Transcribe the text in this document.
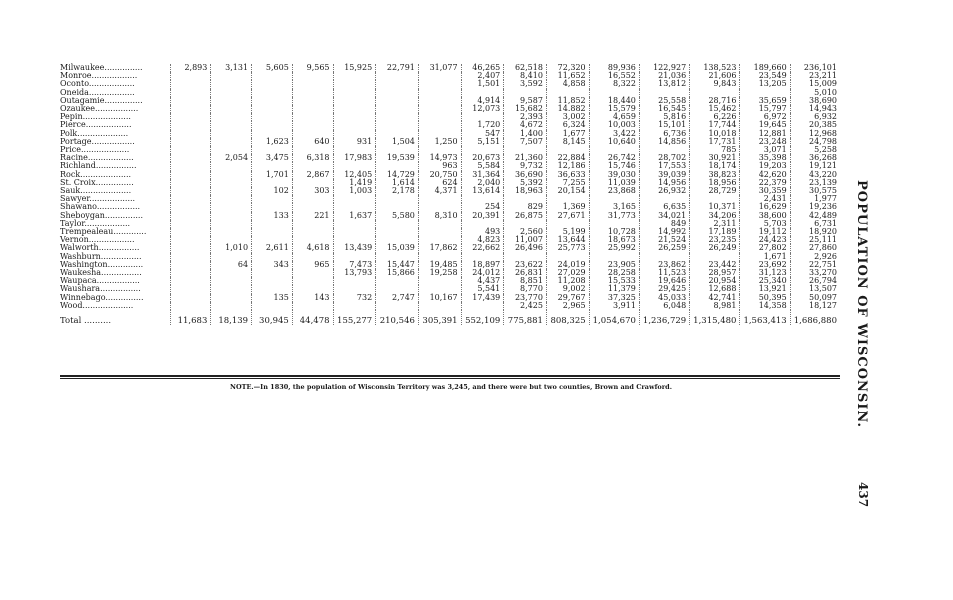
Milwaukee...............	2,893	3,131	5,605	9,565	15,925	22,791	31,077	46,265	62,518	72,320	89,936	122,927	138,523	189,660	236,101
Monroe..................								2,407	8,410	11,652	16,552	21,036	21,606	23,549	23,211
Oconto..................								1,501	3,592	4,858	8,322	13,812	9,843	13,205	15,009
Oneida..................															5,010
Outagamie...............								4,914	9,587	11,852	18,440	25,558	28,716	35,659	38,690
Ozaukee.................								12,073	15,682	14.882	15,579	16,545	15,462	15,797	14,943
Pepin...................									2,393	3,002	4,659	5,816	6,226	6,972	6,932
Pierce..................								1,720	4,672	6,324	10,003	15,101	17,744	19,645	20,385
Polk....................								547	1,400	1,677	3,422	6,736	10,018	12,881	12,968
Portage.................			1,623	640	931	1,504	1,250	5,151	7,507	8,145	10,640	14,856	17,731	23,248	24,798
Price...................													785	3,071	5,258
Racine..................		2,054	3,475	6,318	17,983	19,539	14,973	20,673	21,360	22,884	26,742	28,702	30,921	35,398	36,268
Richland................							963	5,584	9,732	12,186	15,746	17,553	18,174	19,203	19,121
Rock....................			1,701	2,867	12,405	14,729	20,750	31,364	36,690	36,633	39,030	39,039	38,823	42,620	43,220
St. Croix...............					1,419	1,614	624	2,040	5,392	7,255	11,039	14,956	18,956	22,379	23,139
Sauk....................			102	303	1,003	2,178	4,371	13,614	18,963	20,154	23,868	26,932	28,729	30,359	30,575
Sawyer..................														2,431	1,977
Shawano.................								254	829	1,369	3,165	6,635	10,371	16,629	19,236
Sheboygan...............			133	221	1,637	5,580	8,310	20,391	26,875	27,671	31,773	34,021	34,206	38,600	42,489
Taylor..................												849	2,311	5,703	6,731
Trempealeau.............								493	2,560	5,199	10,728	14,992	17,189	19,112	18,920
Vernon..................								4,823	11,007	13,644	18,673	21,524	23,235	24,423	25,111
Walworth................		1,010	2,611	4,618	13,439	15,039	17,862	22,662	26,496	25,773	25,992	26,259	26,249	27,802	27,860
Washburn................														1,671	2,926
Washington..............		64	343	965	7,473	15,447	19,485	18,897	23,622	24,019	23,905	23,862	23,442	23,692	22,751
Waukesha................					13,793	15,866	19,258	24,012	26,831	27,029	28,258	11,523	28,957	31,123	33,270
Waupaca.................								4,437	8,851	11,208	15,533	19,646	20,954	25,340	26,794
Waushara................								5,541	8,770	9,002	11,379	29,425	12,688	13,921	13,507
Winnebago...............			135	143	732	2,747	10,167	17,439	23,770	29,767	37,325	45,033	42,741	50,395	50,097
Wood....................									2,425	2,965	3,911	6,048	8,981	14,358	18,127
Total ..........	11,683	18,139	30,945	44,478	155,277	210,546	305,391	552,109	775,881	808,325	1,054,670	1,236,729	1,315,480	1,563,413	1,686,880
NOTE.—In 1830, the population of Wisconsin Territory was 3,245, and there were but two counties, Brown and Crawford.	POPULATION OF WISCONSIN.
437
